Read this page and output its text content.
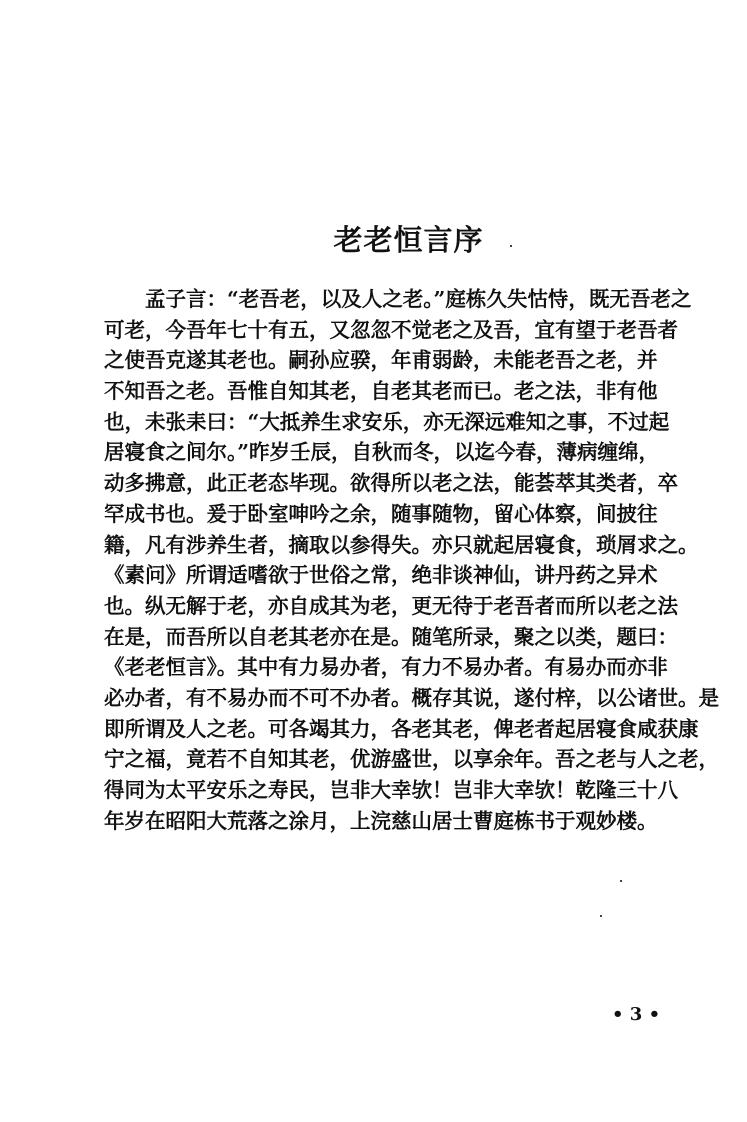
老老恒言序
孟子言：“老吾老，以及人之老。”庭栋久失怙恃，既无吾老之
可老，今吾年七十有五，又忽忽不觉老之及吾，宜有望于老吾者
之使吾克遂其老也。嗣孙应骙，年甫弱龄，未能老吾之老，并
不知吾之老。吾惟自知其老，自老其老而已。老之法，非有他
也，未张耒曰：“大抵养生求安乐，亦无深远难知之事，不过起
居寝食之间尔。”昨岁壬辰，自秋而冬，以迄今春，薄病缠绵，
动多拂意，此正老态毕现。欲得所以老之法，能荟萃其类者，卒
罕成书也。爰于卧室呻吟之余，随事随物，留心体察，间披往
籍，凡有涉养生者，摘取以参得失。亦只就起居寝食，琐屑求之。
《素问》所谓适嗜欲于世俗之常，绝非谈神仙，讲丹药之异术
也。纵无解于老，亦自成其为老，更无待于老吾者而所以老之法
在是，而吾所以自老其老亦在是。随笔所录，聚之以类，题曰：
《老老恒言》。其中有力易办者，有力不易办者。有易办而亦非
必办者，有不易办而不可不办者。概存其说，遂付梓，以公诸世。是
即所谓及人之老。可各竭其力，各老其老，俾老者起居寝食咸获康
宁之福，竟若不自知其老，优游盛世，以享余年。吾之老与人之老，
得同为太平安乐之寿民，岂非大幸欤！岂非大幸欤！乾隆三十八
年岁在昭阳大荒落之涂月，上浣慈山居士曹庭栋书于观妙楼。
• 3 •
